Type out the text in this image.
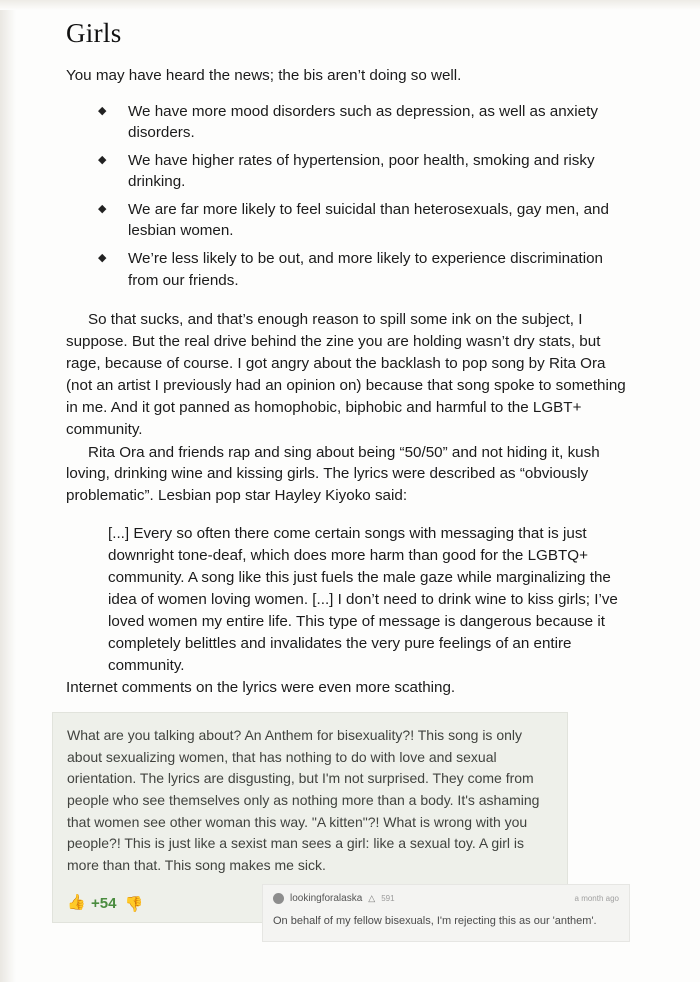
Girls

You may have heard the news; the bis aren’t doing so well.

◆ We have more mood disorders such as depression, as well as anxiety disorders.
◆ We have higher rates of hypertension, poor health, smoking and risky drinking.
◆ We are far more likely to feel suicidal than heterosexuals, gay men, and lesbian women.
◆ We’re less likely to be out, and more likely to experience discrimination from our friends.

So that sucks, and that’s enough reason to spill some ink on the subject, I suppose. But the real drive behind the zine you are holding wasn’t dry stats, but rage, because of course. I got angry about the backlash to pop song by Rita Ora (not an artist I previously had an opinion on) because that song spoke to something in me. And it got panned as homophobic, biphobic and harmful to the LGBT+ community.

Rita Ora and friends rap and sing about being “50/50” and not hiding it, kush loving, drinking wine and kissing girls. The lyrics were described as “obviously problematic”. Lesbian pop star Hayley Kiyoko said:

[...] Every so often there come certain songs with messaging that is just downright tone-deaf, which does more harm than good for the LGBTQ+ community. A song like this just fuels the male gaze while marginalizing the idea of women loving women. [...] I don’t need to drink wine to kiss girls; I’ve loved women my entire life. This type of message is dangerous because it completely belittles and invalidates the very pure feelings of an entire community.

Internet comments on the lyrics were even more scathing.

What are you talking about? An Anthem for bisexuality?! This song is only about sexualizing women, that has nothing to do with love and sexual orientation. The lyrics are disgusting, but I'm not surprised. They come from people who see themselves only as nothing more than a body. It's ashaming that women see other woman this way. "A kitten"?! What is wrong with you people?! This is just like a sexist man sees a girl: like a sexual toy. A girl is more than that. This song makes me sick.

👍 +54 👍	lookingforalaska △ 591	a month ago

On behalf of my fellow bisexuals, I'm rejecting this as our 'anthem'.
